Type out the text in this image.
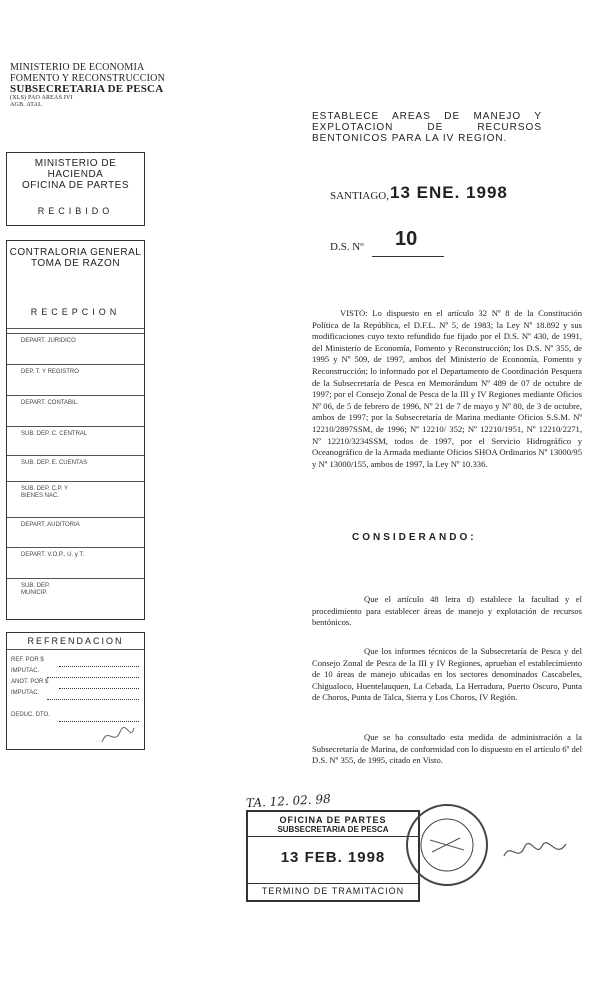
MINISTERIO DE ECONOMIA
FOMENTO Y RECONSTRUCCION
SUBSECRETARIA DE PESCA
(XLS) PAO AREAS IVI
AGB. ATAL
ESTABLECE AREAS DE MANEJO Y
EXPLOTACION DE RECURSOS
BENTONICOS PARA LA IV REGION.
SANTIAGO, 13 ENE. 1998
D.S. Nº 10
MINISTERIO DE HACIENDA
OFICINA DE PARTES
RECIBIDO
CONTRALORIA GENERAL
TOMA DE RAZON
RECEPCION
DEPART. JURIDICO
DEP. T. Y REGISTRO
DEPART. CONTABIL.
SUB. DEP. C. CENTRAL
SUB. DEP. E. CUENTAS
SUB. DEP. C.P. Y BIENES NAC.
DEPART. AUDITORIA
DEPART. V.O.P., U. y T.
SUB. DEP. MUNICIP.
REFRENDACION
REF. POR $
IMPUTAC.
ANOT. POR $
IMPUTAC.
DEDUC. DTO.
VISTO: Lo dispuesto en el artículo 32 Nº 8 de la Constitución Política de la República, el D.F.L. Nº 5, de 1983; la Ley Nº 18.892 y sus modificaciones cuyo texto refundido fue fijado por el D.S. Nº 430, de 1991, del Ministerio de Economía, Fomento y Reconstrucción; los D.S. Nº 355, de 1995 y Nº 509, de 1997, ambos del Ministerio de Economía, Fomento y Reconstrucción; lo informado por el Departamento de Coordinación Pesquera de la Subsecretaría de Pesca en Memorándum Nº 489 de 07 de octubre de 1997; por el Consejo Zonal de Pesca de la III y IV Regiones mediante Oficios Nº 06, de 5 de febrero de 1996, Nº 21 de 7 de mayo y Nº 80, de 3 de octubre, ambos de 1997; por la Subsecretaría de Marina mediante Oficios S.S.M. Nº 12210/2897SSM, de 1996; Nº 12210/ 352; Nº 12210/1951, Nº 12210/2271, Nº 12210/3234SSM, todos de 1997, por el Servicio Hidrográfico y Oceanográfico de la Armada mediante Oficios SHOA Ordinarios Nº 13000/95 y Nº 13000/155, ambos de 1997, la Ley Nº 10.336.
CONSIDERANDO:
Que el artículo 48 letra d) establece la facultad y el procedimiento para establecer áreas de manejo y explotación de recursos bentónicos.
Que los informes técnicos de la Subsecretaría de Pesca y del Consejo Zonal de Pesca de la III y IV Regiones, aprueban el establecimiento de 10 áreas de manejo ubicadas en los sectores denominados Cascabeles, Chigualoco, Huentelauquen, La Cebada, La Herradura, Puerto Oscuro, Punta de Choros, Punta de Talca, Sierra y Los Choros, IV Región.
Que se ha consultado esta medida de administración a la Subsecretaría de Marina, de conformidad con lo dispuesto en el artículo 6º del D.S. Nº 355, de 1995, citado en Visto.
TA. 12. 02. 98
OFICINA DE PARTES
SUBSECRETARIA DE PESCA
13 FEB. 1998
TERMINO DE TRAMITACION
